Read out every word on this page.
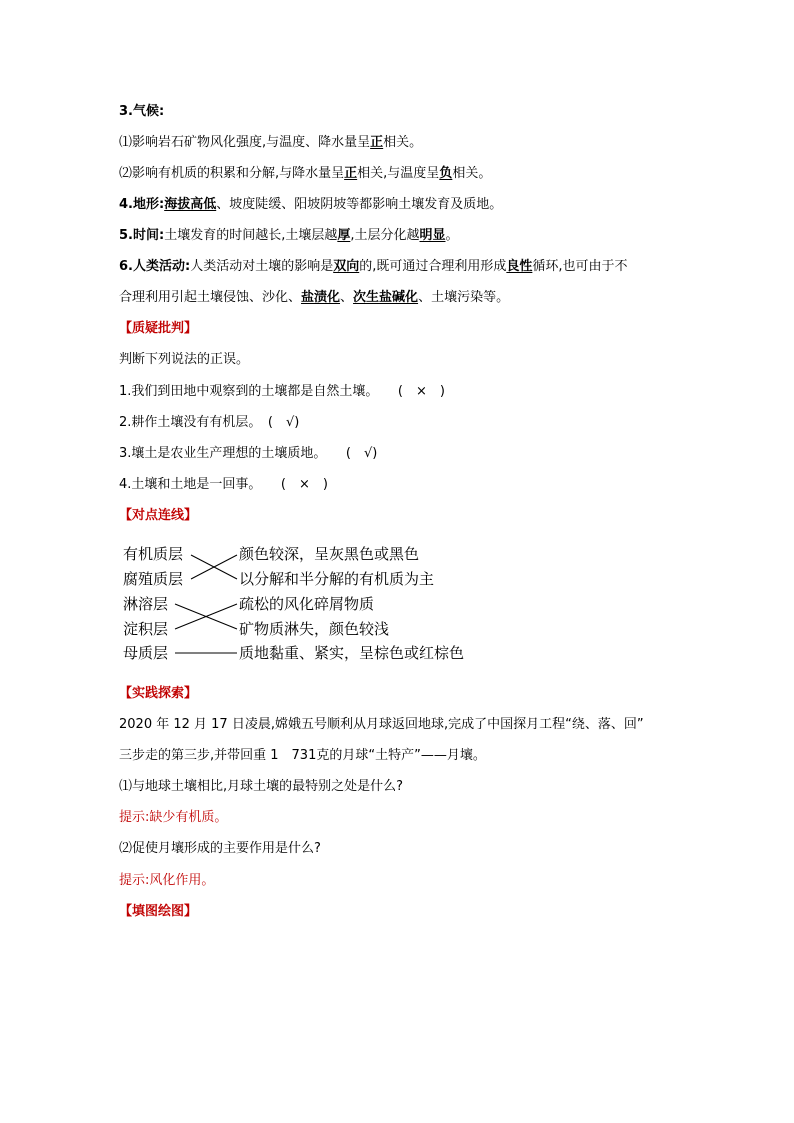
3.气候:
⑴影响岩石矿物风化强度,与温度、降水量呈正相关。
⑵影响有机质的积累和分解,与降水量呈正相关,与温度呈负相关。
4.地形:海拔高低、坡度陡缓、阳坡阴坡等都影响土壤发育及质地。
5.时间:土壤发育的时间越长,土壤层越厚,土层分化越明显。
6.人类活动:人类活动对土壤的影响是双向的,既可通过合理利用形成良性循环,也可由于不
合理利用引起土壤侵蚀、沙化、盐渍化、次生盐碱化、土壤污染等。
【质疑批判】
判断下列说法的正误。
1.我们到田地中观察到的土壤都是自然土壤。　　(　×　)
2.耕作土壤没有有机层。　(　√)
3.壤土是农业生产理想的土壤质地。　　(　√)
4.土壤和土地是一回事。　　(　×　)
【对点连线】
有机质层
腐殖质层
淋溶层
淀积层
母质层
颜色较深，呈灰黑色或黑色
以分解和半分解的有机质为主
疏松的风化碎屑物质
矿物质淋失，颜色较浅
质地黏重、紧实，呈棕色或红棕色
【实践探索】
2020 年 12 月 17 日凌晨,嫦娥五号顺利从月球返回地球,完成了中国探月工程“绕、落、回”
三步走的第三步,并带回重 1　731克的月球“土特产”——月壤。
⑴与地球土壤相比,月球土壤的最特别之处是什么?
提示:缺少有机质。
⑵促使月壤形成的主要作用是什么?
提示:风化作用。
【填图绘图】
